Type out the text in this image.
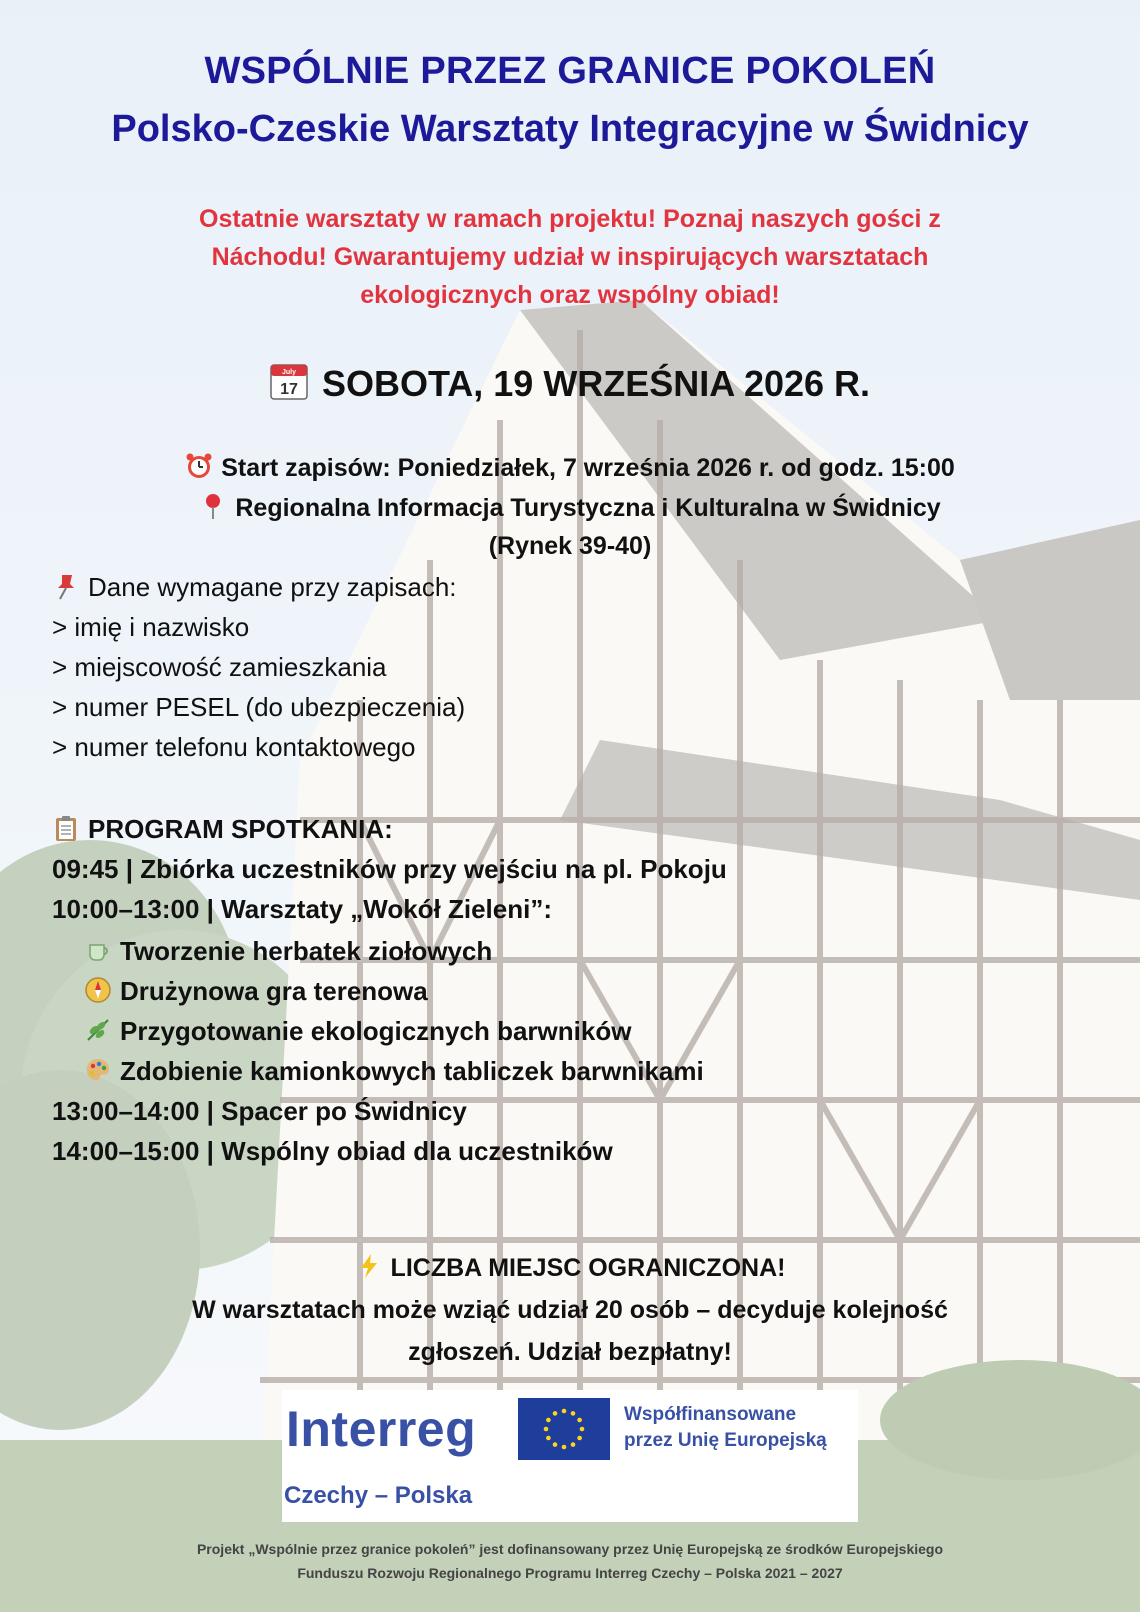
WSPÓLNIE PRZEZ GRANICE POKOLEŃ
Polsko-Czeskie Warsztaty Integracyjne w Świdnicy
Ostatnie warsztaty w ramach projektu! Poznaj naszych gości z
Náchodu! Gwarantujemy udział w inspirujących warsztatach
ekologicznych oraz wspólny obiad!
July
17 SOBOTA, 19 WRZEŚNIA 2026 R.
Start zapisów: Poniedziałek, 7 września 2026 r. od godz. 15:00
Regionalna Informacja Turystyczna i Kulturalna w Świdnicy
(Rynek 39-40)
Dane wymagane przy zapisach:
> imię i nazwisko
> miejscowość zamieszkania
> numer PESEL (do ubezpieczenia)
> numer telefonu kontaktowego
PROGRAM SPOTKANIA:
09:45 | Zbiórka uczestników przy wejściu na pl. Pokoju
10:00–13:00 | Warsztaty „Wokół Zieleni”:
Tworzenie herbatek ziołowych
Drużynowa gra terenowa
Przygotowanie ekologicznych barwników
Zdobienie kamionkowych tabliczek barwnikami
13:00–14:00 | Spacer po Świdnicy
14:00–15:00 | Wspólny obiad dla uczestników
LICZBA MIEJSC OGRANICZONA!
W warsztatach może wziąć udział 20 osób – decyduje kolejność
zgłoszeń. Udział bezpłatny!
Interreg
Czechy – Polska
Współfinansowane
przez Unię Europejską
Projekt „Wspólnie przez granice pokoleń” jest dofinansowany przez Unię Europejską ze środków Europejskiego
Funduszu Rozwoju Regionalnego Programu Interreg Czechy – Polska 2021 – 2027
